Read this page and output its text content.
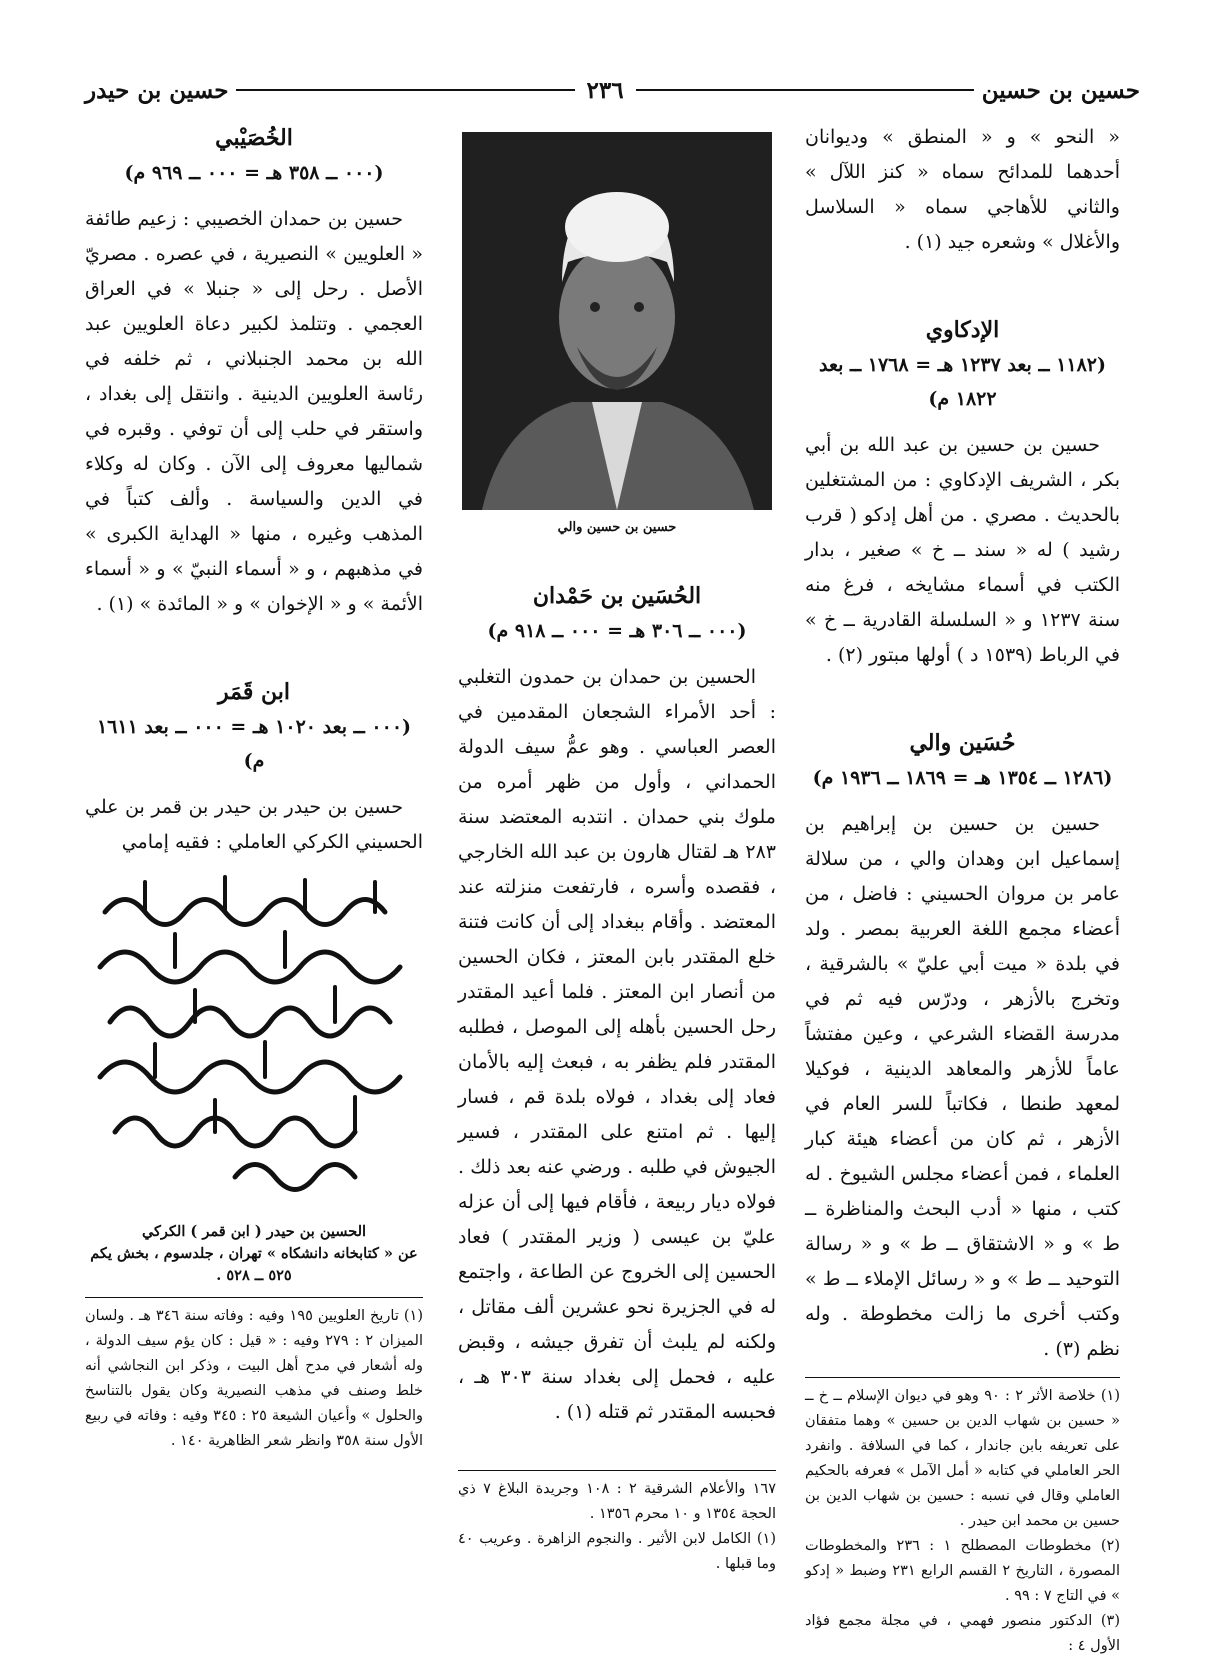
حسين بن حسين
٢٣٦
حسين بن حيدر

« النحو » و « المنطق » وديوانان أحدهما للمدائح سماه « كنز اللآل » والثاني للأهاجي سماه « السلاسل والأغلال » وشعره جيد (١) .

الإدكاوي
(١١٨٢ ــ بعد ١٢٣٧ هـ = ١٧٦٨ ــ بعد ١٨٢٢ م)

حسين بن حسين بن عبد الله بن أبي بكر ، الشريف الإدكاوي : من المشتغلين بالحديث . مصري . من أهل إدكو ( قرب رشيد ) له « سند ــ خ » صغير ، بدار الكتب في أسماء مشايخه ، فرغ منه سنة ١٢٣٧ و « السلسلة القادرية ــ خ » في الرباط (١٥٣٩ د ) أولها مبتور (٢) .

حُسَين والي
(١٢٨٦ ــ ١٣٥٤ هـ = ١٨٦٩ ــ ١٩٣٦ م)

حسين بن حسين بن إبراهيم بن إسماعيل ابن وهدان والي ، من سلالة عامر بن مروان الحسيني : فاضل ، من أعضاء مجمع اللغة العربية بمصر . ولد في بلدة « ميت أبي عليّ » بالشرقية ، وتخرج بالأزهر ، ودرّس فيه ثم في مدرسة القضاء الشرعي ، وعين مفتشاً عاماً للأزهر والمعاهد الدينية ، فوكيلا لمعهد طنطا ، فكاتباً للسر العام في الأزهر ، ثم كان من أعضاء هيئة كبار العلماء ، فمن أعضاء مجلس الشيوخ . له كتب ، منها « أدب البحث والمناظرة ــ ط » و « الاشتقاق ــ ط » و « رسالة التوحيد ــ ط » و « رسائل الإملاء ــ ط » وكتب أخرى ما زالت مخطوطة . وله نظم (٣) .

(١) خلاصة الأثر ٢ : ٩٠ وهو في ديوان الإسلام ــ خ ــ « حسين بن شهاب الدين بن حسين » وهما متفقان على تعريفه بابن جاندار ، كما في السلافة . وانفرد الحر العاملي في كتابه « أمل الآمل » فعرفه بالحكيم العاملي وقال في نسبه : حسين بن شهاب الدين بن حسين بن محمد ابن حيدر .

(٢) مخطوطات المصطلح ١ : ٢٣٦ والمخطوطات المصورة ، التاريخ ٢ القسم الرابع ٢٣١ وضبط « إدكو » في التاج ٧ : ٩٩ .

(٣) الدكتور منصور فهمي ، في مجلة مجمع فؤاد الأول ٤ :

حسين بن حسين والي
الحُسَين بن حَمْدان
(٠٠٠ ــ ٣٠٦ هـ = ٠٠٠ ــ ٩١٨ م)

الحسين بن حمدان بن حمدون التغلبي : أحد الأمراء الشجعان المقدمين في العصر العباسي . وهو عمُّ سيف الدولة الحمداني ، وأول من ظهر أمره من ملوك بني حمدان . انتدبه المعتضد سنة ٢٨٣ هـ لقتال هارون بن عبد الله الخارجي ، فقصده وأسره ، فارتفعت منزلته عند المعتضد . وأقام ببغداد إلى أن كانت فتنة خلع المقتدر بابن المعتز ، فكان الحسين من أنصار ابن المعتز . فلما أعيد المقتدر رحل الحسين بأهله إلى الموصل ، فطلبه المقتدر فلم يظفر به ، فبعث إليه بالأمان فعاد إلى بغداد ، فولاه بلدة قم ، فسار إليها . ثم امتنع على المقتدر ، فسير الجيوش في طلبه . ورضي عنه بعد ذلك . فولاه ديار ربيعة ، فأقام فيها إلى أن عزله عليّ بن عيسى ( وزير المقتدر ) فعاد الحسين إلى الخروج عن الطاعة ، واجتمع له في الجزيرة نحو عشرين ألف مقاتل ، ولكنه لم يلبث أن تفرق جيشه ، وقبض عليه ، فحمل إلى بغداد سنة ٣٠٣ هـ ، فحبسه المقتدر ثم قتله (١) .

١٦٧ والأعلام الشرقية ٢ : ١٠٨ وجريدة البلاغ ٧ ذي الحجة ١٣٥٤ و ١٠ محرم ١٣٥٦ .

(١) الكامل لابن الأثير . والنجوم الزاهرة . وعريب ٤٠ وما قبلها .

الخُصَيْبي
(٠٠٠ ــ ٣٥٨ هـ = ٠٠٠ ــ ٩٦٩ م)

حسين بن حمدان الخصيبي : زعيم طائفة « العلويين » النصيرية ، في عصره . مصريّ الأصل . رحل إلى « جنبلا » في العراق العجمي . وتتلمذ لكبير دعاة العلويين عبد الله بن محمد الجنبلاني ، ثم خلفه في رئاسة العلويين الدينية . وانتقل إلى بغداد ، واستقر في حلب إلى أن توفي . وقبره في شماليها معروف إلى الآن . وكان له وكلاء في الدين والسياسة . وألف كتباً في المذهب وغيره ، منها « الهداية الكبرى » في مذهبهم ، و « أسماء النبيّ » و « أسماء الأئمة » و « الإخوان » و « المائدة » (١) .

ابن قَمَر
(٠٠٠ ــ بعد ١٠٢٠ هـ = ٠٠٠ ــ بعد ١٦١١ م)

حسين بن حيدر بن حيدر بن قمر بن علي الحسيني الكركي العاملي : فقيه إمامي

الحسين بن حيدر ( ابن قمر ) الكركي
عن « كتابخانه دانشكاه » تهران ، جلدسوم ، بخش يكم ٥٢٥ ــ ٥٢٨ .

(١) تاريخ العلويين ١٩٥ وفيه : وفاته سنة ٣٤٦ هـ . ولسان الميزان ٢ : ٢٧٩ وفيه : « قيل : كان يؤم سيف الدولة ، وله أشعار في مدح أهل البيت ، وذكر ابن النجاشي أنه خلط وصنف في مذهب النصيرية وكان يقول بالتناسخ والحلول » وأعيان الشيعة ٢٥ : ٣٤٥ وفيه : وفاته في ربيع الأول سنة ٣٥٨ وانظر شعر الظاهرية ١٤٠ .
